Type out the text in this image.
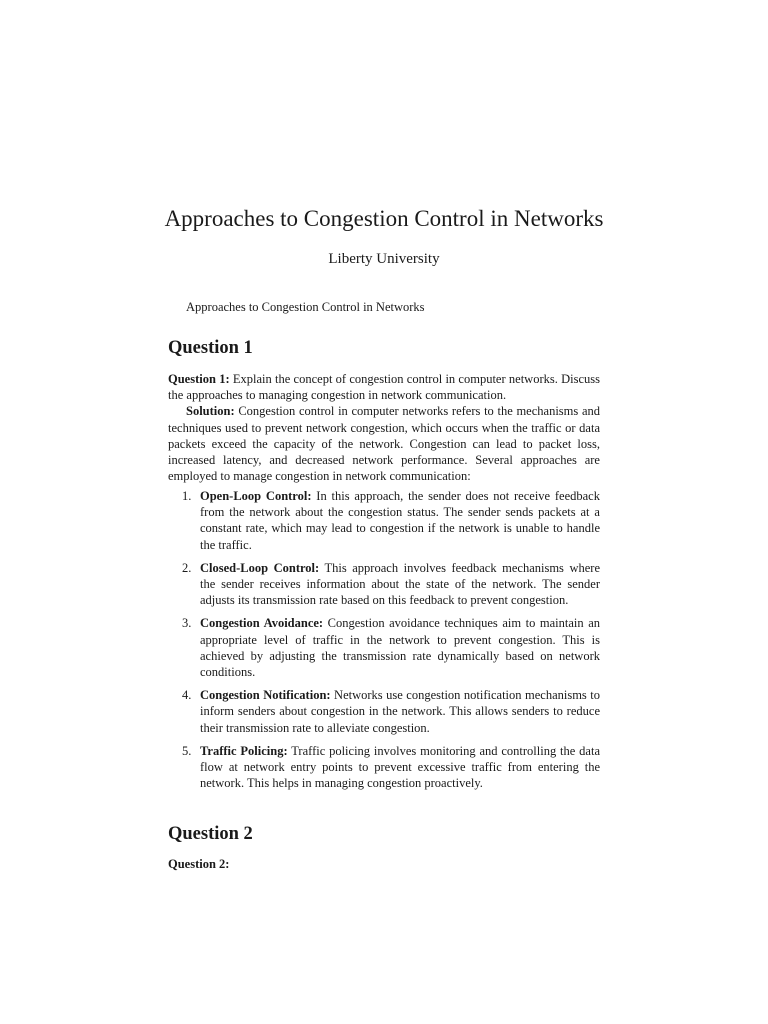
Approaches to Congestion Control in Networks
Liberty University
Approaches to Congestion Control in Networks
Question 1

Question 1: Explain the concept of congestion control in computer networks. Discuss the approaches to managing congestion in network communication.

Solution: Congestion control in computer networks refers to the mechanisms and techniques used to prevent network congestion, which occurs when the traffic or data packets exceed the capacity of the network. Congestion can lead to packet loss, increased latency, and decreased network performance. Several approaches are employed to manage congestion in network communication:

1. Open-Loop Control: In this approach, the sender does not receive feedback from the network about the congestion status. The sender sends packets at a constant rate, which may lead to congestion if the network is unable to handle the traffic.
2. Closed-Loop Control: This approach involves feedback mechanisms where the sender receives information about the state of the network. The sender adjusts its transmission rate based on this feedback to prevent congestion.
3. Congestion Avoidance: Congestion avoidance techniques aim to maintain an appropriate level of traffic in the network to prevent congestion. This is achieved by adjusting the transmission rate dynamically based on network conditions.
4. Congestion Notification: Networks use congestion notification mechanisms to inform senders about congestion in the network. This allows senders to reduce their transmission rate to alleviate congestion.
5. Traffic Policing: Traffic policing involves monitoring and controlling the data flow at network entry points to prevent excessive traffic from entering the network. This helps in managing congestion proactively.
Question 2
Question 2:
